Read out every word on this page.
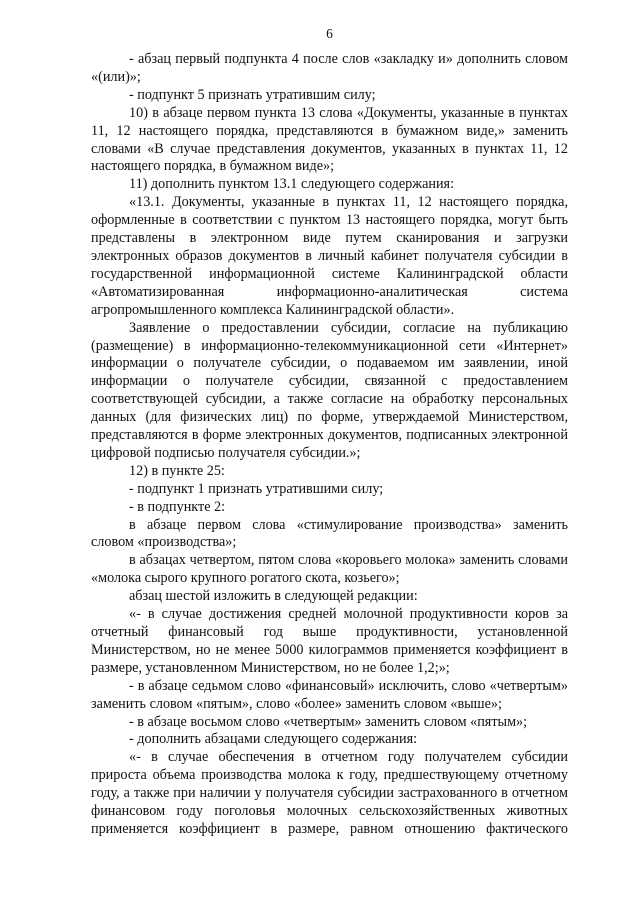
6

- абзац первый подпункта 4 после слов «закладку и» дополнить словом «(или)»;

- подпункт 5 признать утратившим силу;

10) в абзаце первом пункта 13 слова «Документы, указанные в пунктах 11, 12 настоящего порядка, представляются в бумажном виде,» заменить словами «В случае представления документов, указанных в пунктах 11, 12 настоящего порядка, в бумажном виде»;

11) дополнить пунктом 13.1 следующего содержания:

«13.1. Документы, указанные в пунктах 11, 12 настоящего порядка, оформленные в соответствии с пунктом 13 настоящего порядка, могут быть представлены в электронном виде путем сканирования и загрузки электронных образов документов в личный кабинет получателя субсидии в государственной информационной системе Калининградской области «Автоматизированная информационно-аналитическая система агропромышленного комплекса Калининградской области».

Заявление о предоставлении субсидии, согласие на публикацию (размещение) в информационно-телекоммуникационной сети «Интернет» информации о получателе субсидии, о подаваемом им заявлении, иной информации о получателе субсидии, связанной с предоставлением соответствующей субсидии, а также согласие на обработку персональных данных (для физических лиц) по форме, утверждаемой Министерством, представляются в форме электронных документов, подписанных электронной цифровой подписью получателя субсидии.»;

12) в пункте 25:

- подпункт 1 признать утратившими силу;

- в подпункте 2:

в абзаце первом слова «стимулирование производства» заменить словом «производства»;

в абзацах четвертом, пятом слова «коровьего молока» заменить словами «молока сырого крупного рогатого скота, козьего»;

абзац шестой изложить в следующей редакции:

«- в случае достижения средней молочной продуктивности коров за отчетный финансовый год выше продуктивности, установленной Министерством, но не менее 5000 килограммов применяется коэффициент в размере, установленном Министерством, но не более 1,2;»;

- в абзаце седьмом слово «финансовый» исключить, слово «четвертым» заменить словом «пятым», слово «более» заменить словом «выше»;

- в абзаце восьмом слово «четвертым» заменить словом «пятым»;

- дополнить абзацами следующего содержания:

«- в случае обеспечения в отчетном году получателем субсидии прироста объема производства молока к году, предшествующему отчетному году, а также при наличии у получателя субсидии застрахованного в отчетном финансовом году поголовья молочных сельскохозяйственных животных применяется коэффициент в размере, равном отношению фактического
